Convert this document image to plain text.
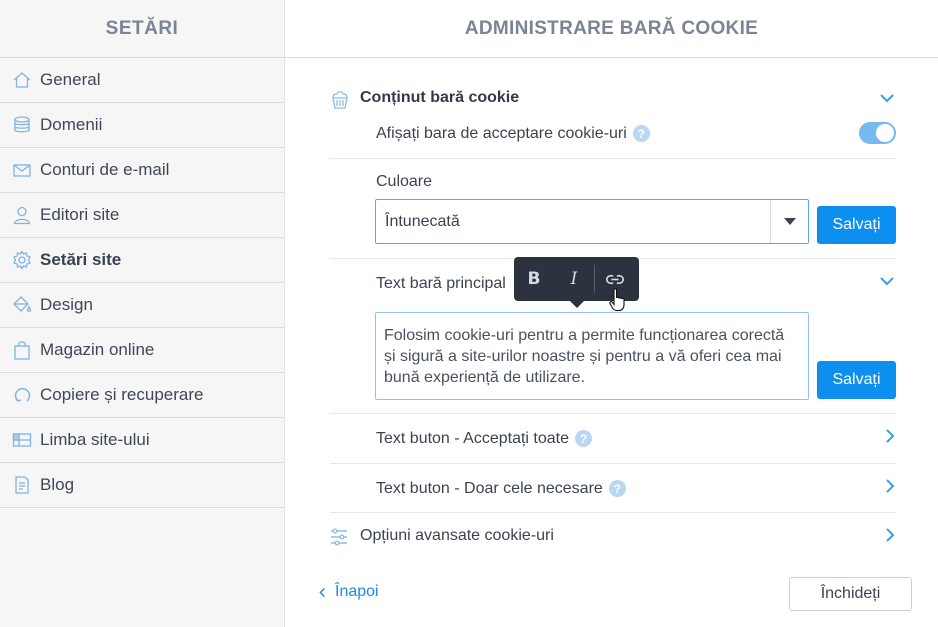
SETĂRI
General
Domenii
Conturi de e-mail
Editori site
Setări site
Design
Magazin online
Copiere și recuperare
Limba site-ului
Blog
ADMINISTRARE BARĂ COOKIE
Conținut bară cookie
Afișați bara de acceptare cookie-uri ?
Culoare
Întunecată	Salvați
Text bară principal	B	I
Folosim cookie-uri pentru a permite funcționarea corectă și sigură a site-urilor noastre și pentru a vă oferi cea mai bună experiență de utilizare.	Salvați
Text buton - Acceptați toate ?
Text buton - Doar cele necesare ?
Opțiuni avansate cookie-uri
Înapoi	Închideți
